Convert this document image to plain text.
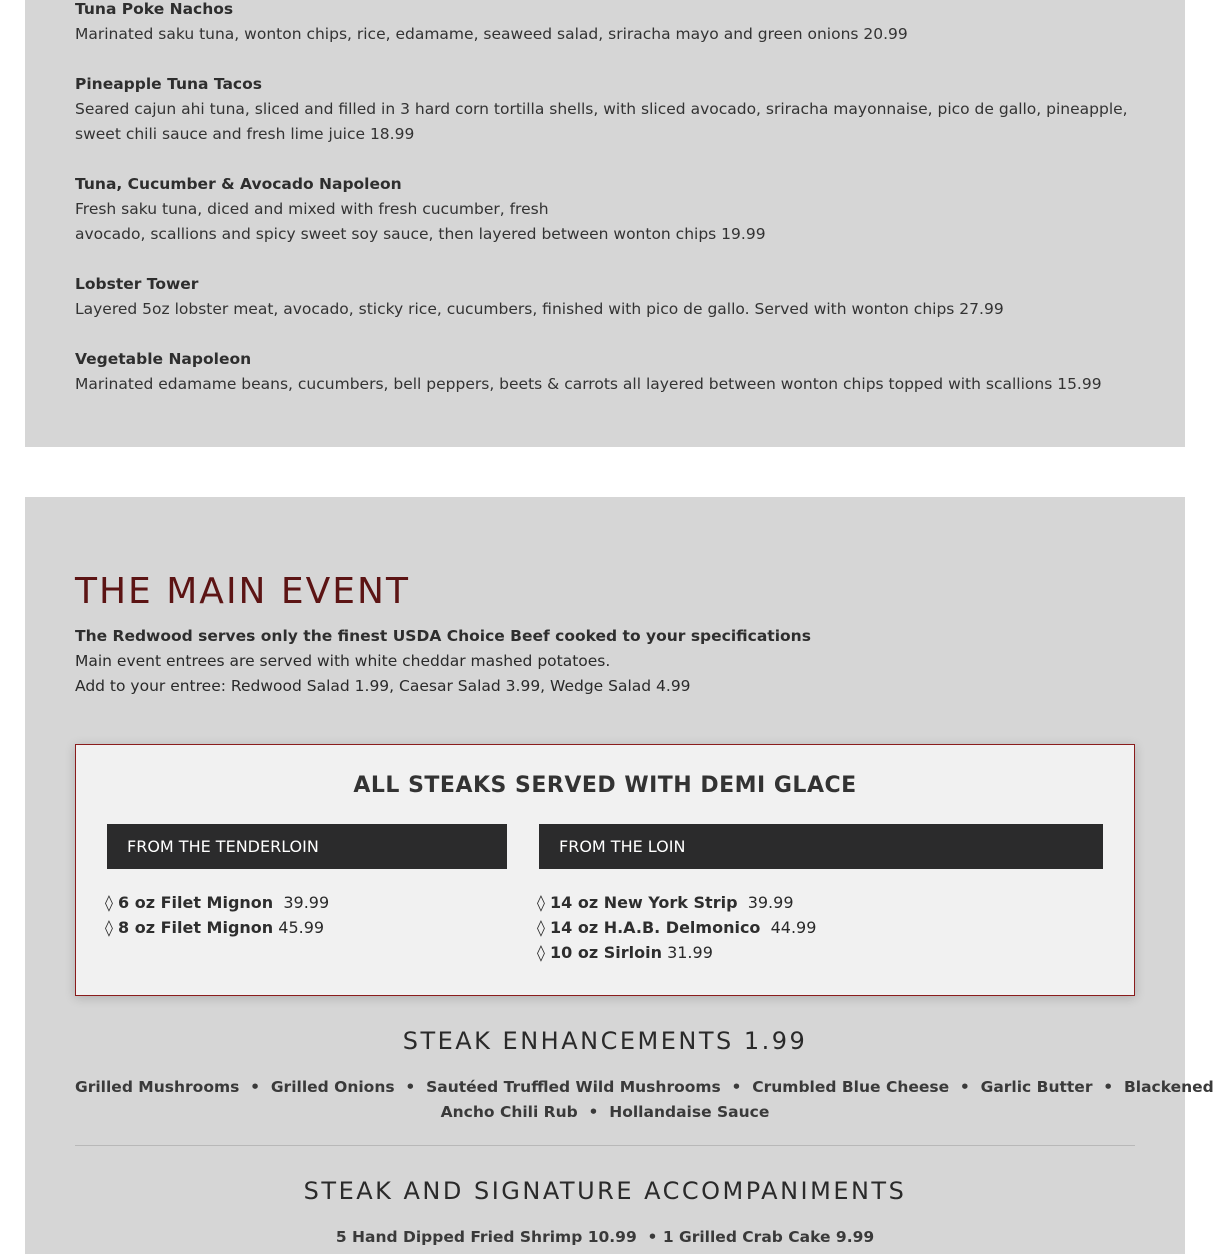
Tuna Poke Nachos
Marinated saku tuna, wonton chips, rice, edamame, seaweed salad, sriracha mayo and green onions 20.99
Pineapple Tuna Tacos
Seared cajun ahi tuna, sliced and filled in 3 hard corn tortilla shells, with sliced avocado, sriracha mayonnaise, pico de gallo, pineapple,
sweet chili sauce and fresh lime juice 18.99
Tuna, Cucumber & Avocado Napoleon
Fresh saku tuna, diced and mixed with fresh cucumber, fresh
avocado, scallions and spicy sweet soy sauce, then layered between wonton chips 19.99
Lobster Tower
Layered 5oz lobster meat, avocado, sticky rice, cucumbers, finished with pico de gallo. Served with wonton chips 27.99
Vegetable Napoleon
Marinated edamame beans, cucumbers, bell peppers, beets & carrots all layered between wonton chips topped with scallions 15.99
THE MAIN EVENT
The Redwood serves only the finest USDA Choice Beef cooked to your specifications
Main event entrees are served with white cheddar mashed potatoes.
Add to your entree: Redwood Salad 1.99, Caesar Salad 3.99, Wedge Salad 4.99
ALL STEAKS SERVED WITH DEMI GLACE
FROM THE TENDERLOIN	FROM THE LOIN
◊ 6 oz Filet Mignon 39.99
◊ 8 oz Filet Mignon 45.99
◊ 14 oz New York Strip 39.99
◊ 14 oz H.A.B. Delmonico 44.99
◊ 10 oz Sirloin 31.99
STEAK ENHANCEMENTS 1.99

Grilled Mushrooms  •  Grilled Onions  •  Sautéed Truffled Wild Mushrooms  •  Crumbled Blue Cheese  •  Garlic Butter  •  Blackened

Ancho Chili Rub  •  Hollandaise Sauce

STEAK AND SIGNATURE ACCOMPANIMENTS

5 Hand Dipped Fried Shrimp 10.99  • 1 Grilled Crab Cake 9.99
